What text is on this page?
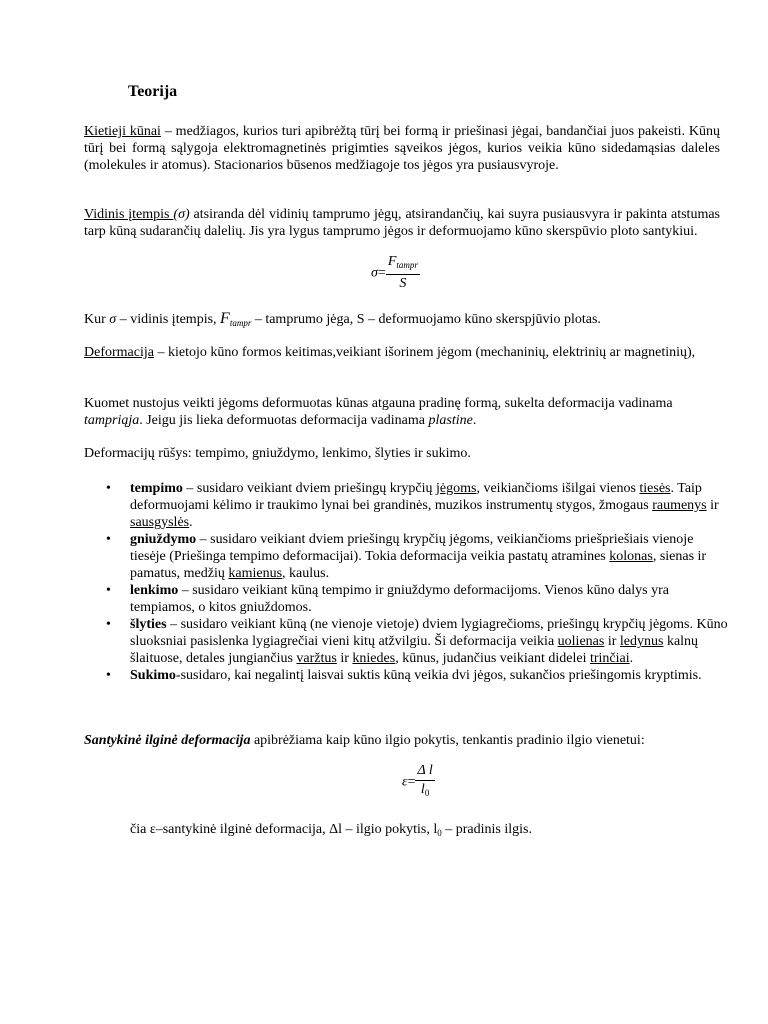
Teorija

Kietieji kūnai – medžiagos, kurios turi apibrėžtą tūrį bei formą ir priešinasi jėgai, bandančiai juos pakeisti. Kūnų tūrį bei formą sąlygoja elektromagnetinės prigimties sąveikos jėgos, kurios veikia kūno sidedamąsias daleles (molekules ir atomus). Stacionarios būsenos medžiagoje tos jėgos yra pusiausvyroje.

Vidinis įtempis (σ) atsiranda dėl vidinių tamprumo jėgų, atsirandančių, kai suyra pusiausvyra ir pakinta atstumas tarp kūną sudarančių dalelių. Jis yra lygus tamprumo jėgos ir deformuojamo kūno skerspūvio ploto santykiui.

$\sigma= \frac{F_{tampr}}{S}$

Kur σ – vidinis įtempis, $F_{tampr}$ – tamprumo jėga, S – deformuojamo kūno skerspjūvio plotas.

Deformacija – kietojo kūno formos keitimas,veikiant išorinem jėgom (mechaninių, elektrinių ar magnetinių),

Kuomet nustojus veikti jėgoms deformuotas kūnas atgauna pradinę formą, sukelta deformacija vadinama tampriąja. Jeigu jis lieka deformuotas deformacija vadinama plastine.

Deformacijų rūšys: tempimo, gniuždymo, lenkimo, šlyties ir sukimo.

• tempimo – susidaro veikiant dviem priešingų krypčių jėgoms, veikiančioms išilgai vienos tiesės. Taip deformuojami kėlimo ir traukimo lynai bei grandinės, muzikos instrumentų stygos, žmogaus raumenys ir sausgyslės.
• gniuždymo – susidaro veikiant dviem priešingų krypčių jėgoms, veikiančioms priešpriešiais vienoje tiesėje (Priešinga tempimo deformacijai). Tokia deformacija veikia pastatų atramines kolonas, sienas ir pamatus, medžių kamienus, kaulus.
• lenkimo – susidaro veikiant kūną tempimo ir gniuždymo deformacijoms. Vienos kūno dalys yra tempiamos, o kitos gniuždomos.
• šlyties – susidaro veikiant kūną (ne vienoje vietoje) dviem lygiagrečioms, priešingų krypčių jėgoms. Kūno sluoksniai pasislenka lygiagrečiai vieni kitų atžvilgiu. Ši deformacija veikia uolienas ir ledynus kalnų šlaituose, detales jungiančius varžtus ir kniedes, kūnus, judančius veikiant didelei trinčiai.
• Sukimo-susidaro, kai negalintį laisvai suktis kūną veikia dvi jėgos, sukančios priešingomis kryptimis.

Santykinė ilginė deformacija apibrėžiama kaip kūno ilgio pokytis, tenkantis pradinio ilgio vienetui:

$\varepsilon= \frac{\text{Δ l}}{l_0}$

čia ε–santykinė ilginė deformacija, Δl – ilgio pokytis, $l_0$ – pradinis ilgis.
